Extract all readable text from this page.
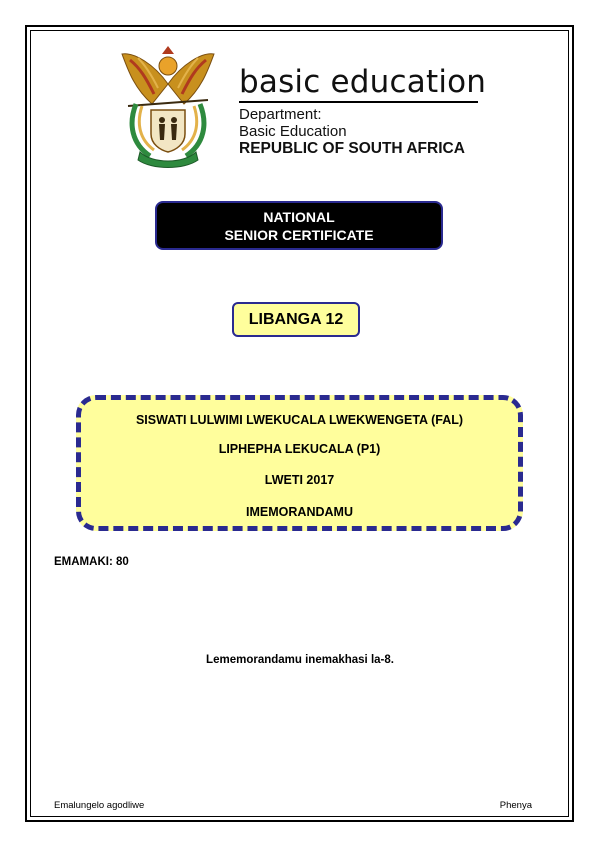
basic education
Department:
Basic Education
REPUBLIC OF SOUTH AFRICA
NATIONAL
SENIOR CERTIFICATE
LIBANGA 12
SISWATI LULWIMI LWEKUCALA LWEKWENGETA (FAL)
LIPHEPHA LEKUCALA (P1)
LWETI 2017
IMEMORANDAMU
EMAMAKI: 80
Lememorandamu inemakhasi la-8.
Emalungelo agodliwe	Phenya
